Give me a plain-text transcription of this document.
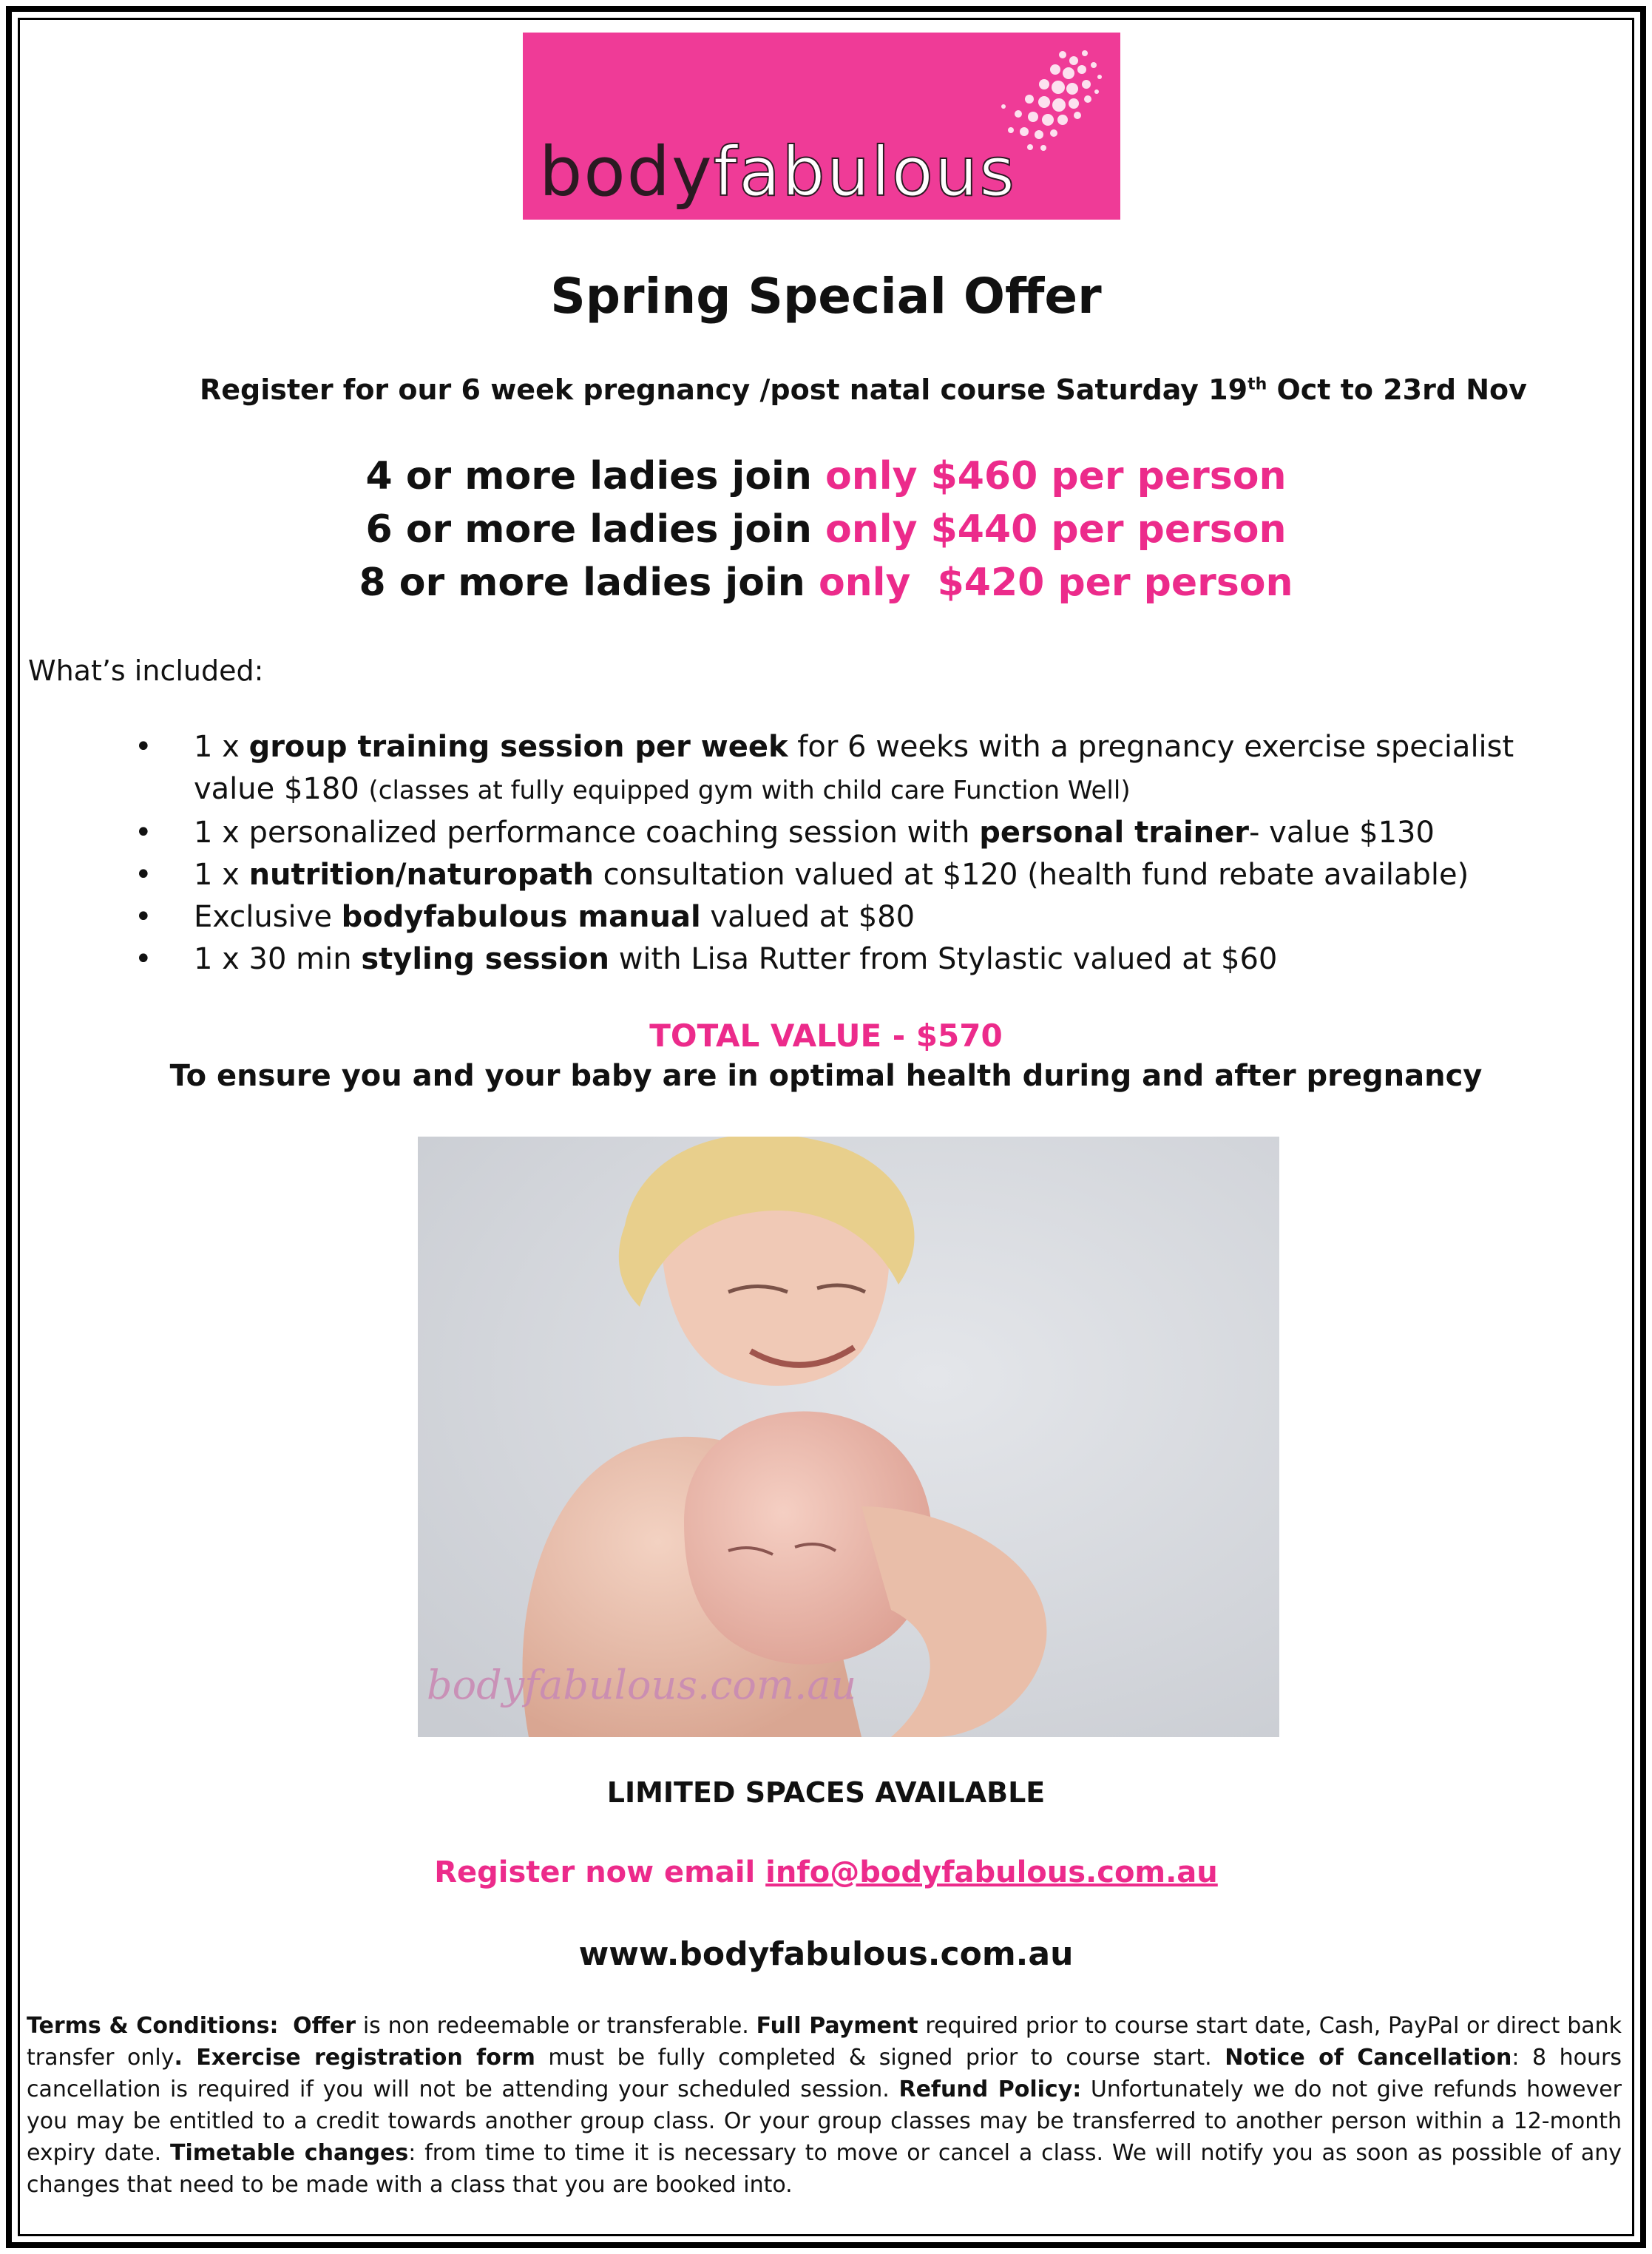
bodyfabulous
Spring Special Offer
Register for our 6 week pregnancy /post natal course Saturday 19th Oct to 23rd Nov
4 or more ladies join only $460 per person
6 or more ladies join only $440 per person
8 or more ladies join only  $420 per person
What’s included:
• 1 x group training session per week for 6 weeks with a pregnancy exercise specialist
value $180 (classes at fully equipped gym with child care Function Well)
• 1 x personalized performance coaching session with personal trainer- value $130
• 1 x nutrition/naturopath consultation valued at $120 (health fund rebate available)
• Exclusive bodyfabulous manual valued at $80
• 1 x 30 min styling session with Lisa Rutter from Stylastic valued at $60
TOTAL VALUE - $570
To ensure you and your baby are in optimal health during and after pregnancy
bodyfabulous.com.au
LIMITED SPACES AVAILABLE
Register now email info@bodyfabulous.com.au
www.bodyfabulous.com.au
Terms & Conditions: Offer is non redeemable or transferable. Full Payment required prior to course start date, Cash, PayPal or direct bank transfer only. Exercise registration form must be fully completed & signed prior to course start. Notice of Cancellation: 8 hours cancellation is required if you will not be attending your scheduled session. Refund Policy: Unfortunately we do not give refunds however you may be entitled to a credit towards another group class. Or your group classes may be transferred to another person within a 12-month expiry date. Timetable changes: from time to time it is necessary to move or cancel a class. We will notify you as soon as possible of any changes that need to be made with a class that you are booked into.
